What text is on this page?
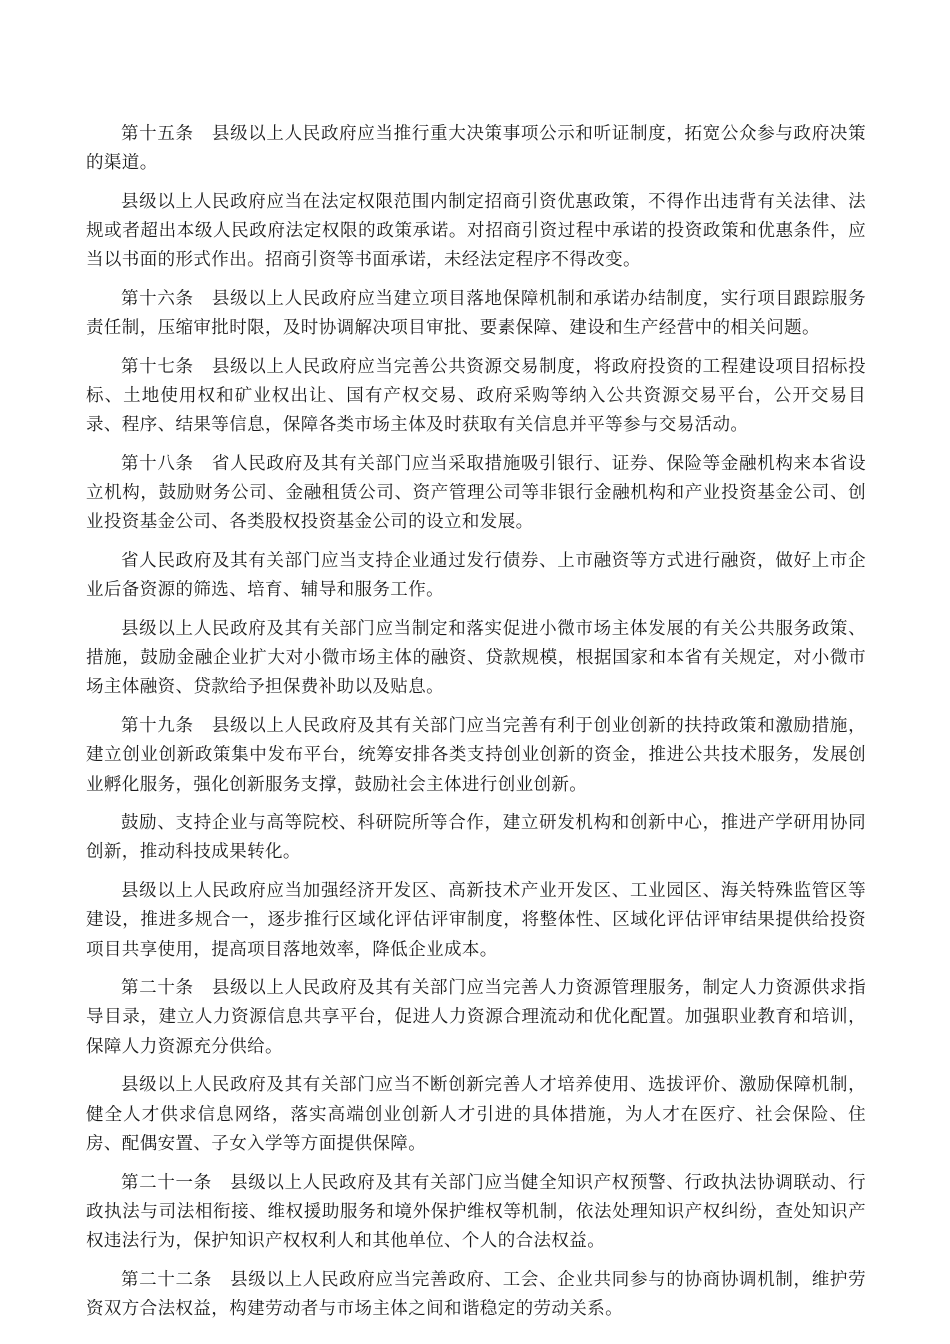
第十五条　县级以上人民政府应当推行重大决策事项公示和听证制度，拓宽公众参与政府决策的渠道。

县级以上人民政府应当在法定权限范围内制定招商引资优惠政策，不得作出违背有关法律、法规或者超出本级人民政府法定权限的政策承诺。对招商引资过程中承诺的投资政策和优惠条件，应当以书面的形式作出。招商引资等书面承诺，未经法定程序不得改变。

第十六条　县级以上人民政府应当建立项目落地保障机制和承诺办结制度，实行项目跟踪服务责任制，压缩审批时限，及时协调解决项目审批、要素保障、建设和生产经营中的相关问题。

第十七条　县级以上人民政府应当完善公共资源交易制度，将政府投资的工程建设项目招标投标、土地使用权和矿业权出让、国有产权交易、政府采购等纳入公共资源交易平台，公开交易目录、程序、结果等信息，保障各类市场主体及时获取有关信息并平等参与交易活动。

第十八条　省人民政府及其有关部门应当采取措施吸引银行、证券、保险等金融机构来本省设立机构，鼓励财务公司、金融租赁公司、资产管理公司等非银行金融机构和产业投资基金公司、创业投资基金公司、各类股权投资基金公司的设立和发展。

省人民政府及其有关部门应当支持企业通过发行债券、上市融资等方式进行融资，做好上市企业后备资源的筛选、培育、辅导和服务工作。

县级以上人民政府及其有关部门应当制定和落实促进小微市场主体发展的有关公共服务政策、措施，鼓励金融企业扩大对小微市场主体的融资、贷款规模，根据国家和本省有关规定，对小微市场主体融资、贷款给予担保费补助以及贴息。

第十九条　县级以上人民政府及其有关部门应当完善有利于创业创新的扶持政策和激励措施，建立创业创新政策集中发布平台，统筹安排各类支持创业创新的资金，推进公共技术服务，发展创业孵化服务，强化创新服务支撑，鼓励社会主体进行创业创新。

鼓励、支持企业与高等院校、科研院所等合作，建立研发机构和创新中心，推进产学研用协同创新，推动科技成果转化。

县级以上人民政府应当加强经济开发区、高新技术产业开发区、工业园区、海关特殊监管区等建设，推进多规合一，逐步推行区域化评估评审制度，将整体性、区域化评估评审结果提供给投资项目共享使用，提高项目落地效率，降低企业成本。

第二十条　县级以上人民政府及其有关部门应当完善人力资源管理服务，制定人力资源供求指导目录，建立人力资源信息共享平台，促进人力资源合理流动和优化配置。加强职业教育和培训，保障人力资源充分供给。

县级以上人民政府及其有关部门应当不断创新完善人才培养使用、选拔评价、激励保障机制，健全人才供求信息网络，落实高端创业创新人才引进的具体措施，为人才在医疗、社会保险、住房、配偶安置、子女入学等方面提供保障。

第二十一条　县级以上人民政府及其有关部门应当健全知识产权预警、行政执法协调联动、行政执法与司法相衔接、维权援助服务和境外保护维权等机制，依法处理知识产权纠纷，查处知识产权违法行为，保护知识产权权利人和其他单位、个人的合法权益。

第二十二条　县级以上人民政府应当完善政府、工会、企业共同参与的协商协调机制，维护劳资双方合法权益，构建劳动者与市场主体之间和谐稳定的劳动关系。
